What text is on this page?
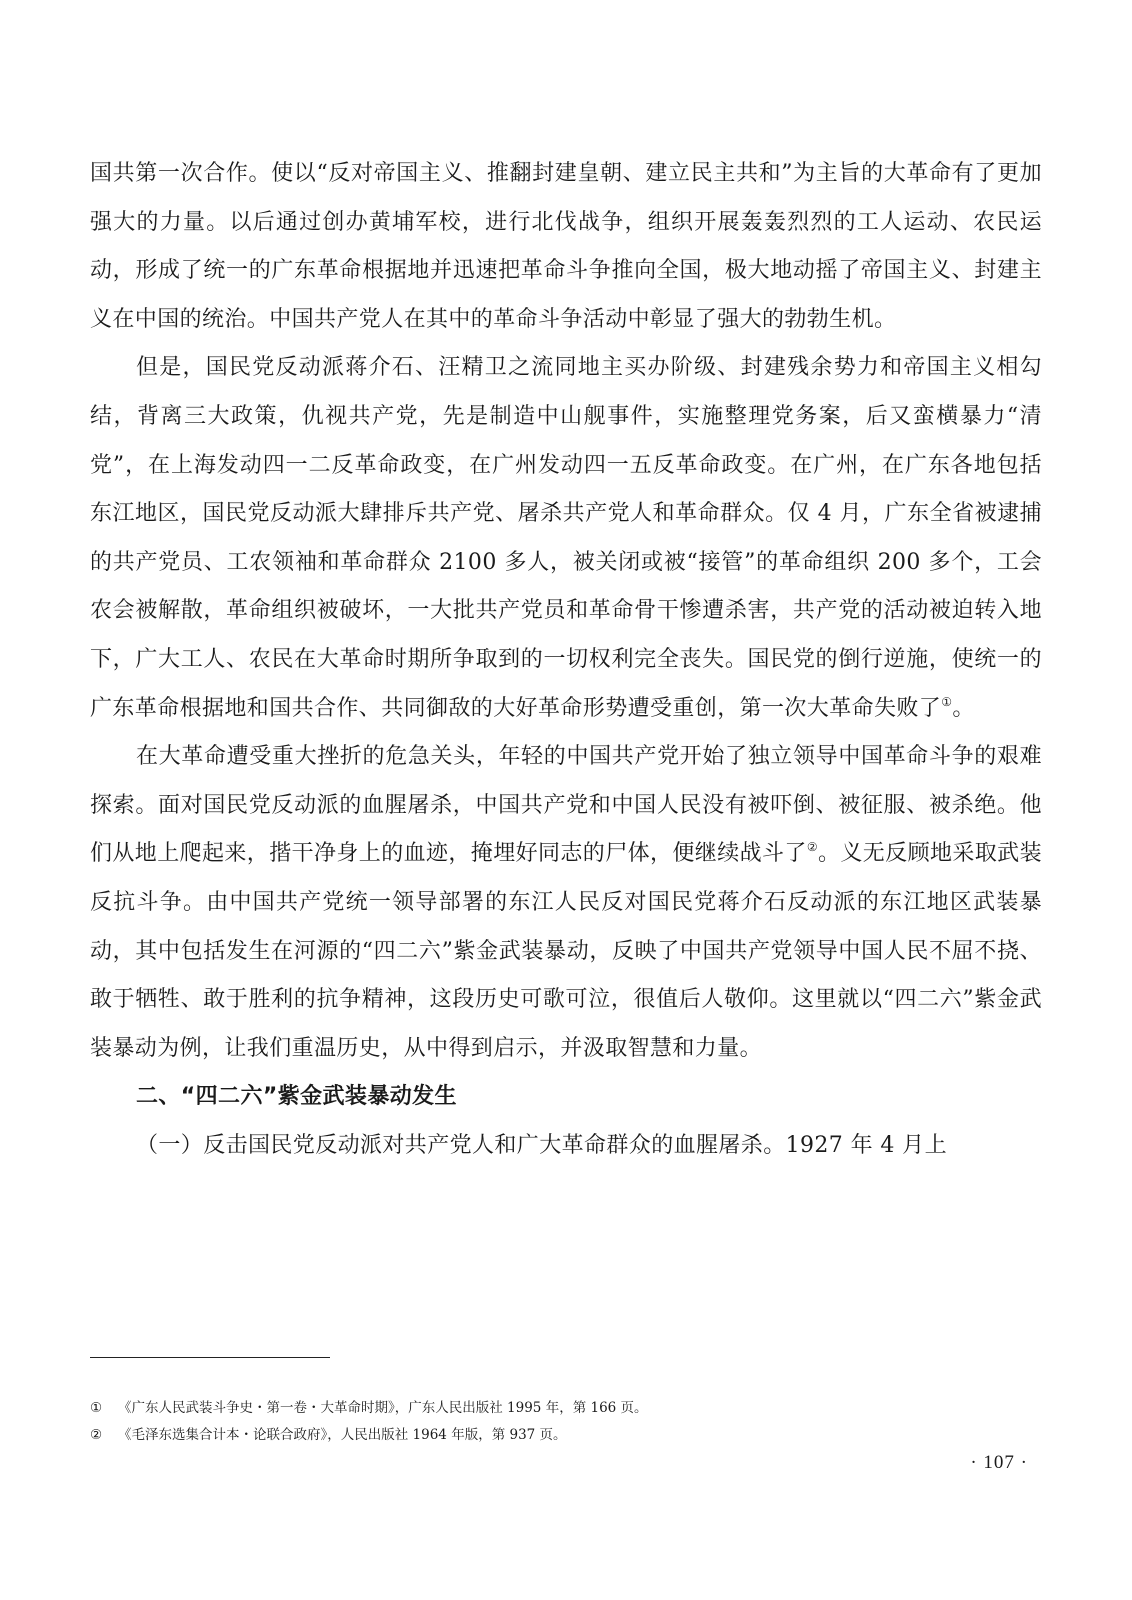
国共第一次合作。使以“反对帝国主义、推翻封建皇朝、建立民主共和”为主旨的大革命有了更加强大的力量。以后通过创办黄埔军校，进行北伐战争，组织开展轰轰烈烈的工人运动、农民运动，形成了统一的广东革命根据地并迅速把革命斗争推向全国，极大地动摇了帝国主义、封建主义在中国的统治。中国共产党人在其中的革命斗争活动中彰显了强大的勃勃生机。

但是，国民党反动派蒋介石、汪精卫之流同地主买办阶级、封建残余势力和帝国主义相勾结，背离三大政策，仇视共产党，先是制造中山舰事件，实施整理党务案，后又蛮横暴力“清党”，在上海发动四一二反革命政变，在广州发动四一五反革命政变。在广州，在广东各地包括东江地区，国民党反动派大肆排斥共产党、屠杀共产党人和革命群众。仅 4 月，广东全省被逮捕的共产党员、工农领袖和革命群众 2100 多人，被关闭或被“接管”的革命组织 200 多个，工会农会被解散，革命组织被破坏，一大批共产党员和革命骨干惨遭杀害，共产党的活动被迫转入地下，广大工人、农民在大革命时期所争取到的一切权利完全丧失。国民党的倒行逆施，使统一的广东革命根据地和国共合作、共同御敌的大好革命形势遭受重创，第一次大革命失败了①。

在大革命遭受重大挫折的危急关头，年轻的中国共产党开始了独立领导中国革命斗争的艰难探索。面对国民党反动派的血腥屠杀，中国共产党和中国人民没有被吓倒、被征服、被杀绝。他们从地上爬起来，揩干净身上的血迹，掩埋好同志的尸体，便继续战斗了②。义无反顾地采取武装反抗斗争。由中国共产党统一领导部署的东江人民反对国民党蒋介石反动派的东江地区武装暴动，其中包括发生在河源的“四二六”紫金武装暴动，反映了中国共产党领导中国人民不屈不挠、敢于牺牲、敢于胜利的抗争精神，这段历史可歌可泣，很值后人敬仰。这里就以“四二六”紫金武装暴动为例，让我们重温历史，从中得到启示，并汲取智慧和力量。

二、“四二六”紫金武装暴动发生

（一）反击国民党反动派对共产党人和广大革命群众的血腥屠杀。1927 年 4 月上

① 《广东人民武装斗争史・第一卷・大革命时期》，广东人民出版社 1995 年，第 166 页。

② 《毛泽东选集合计本・论联合政府》，人民出版社 1964 年版，第 937 页。

· 107 ·
